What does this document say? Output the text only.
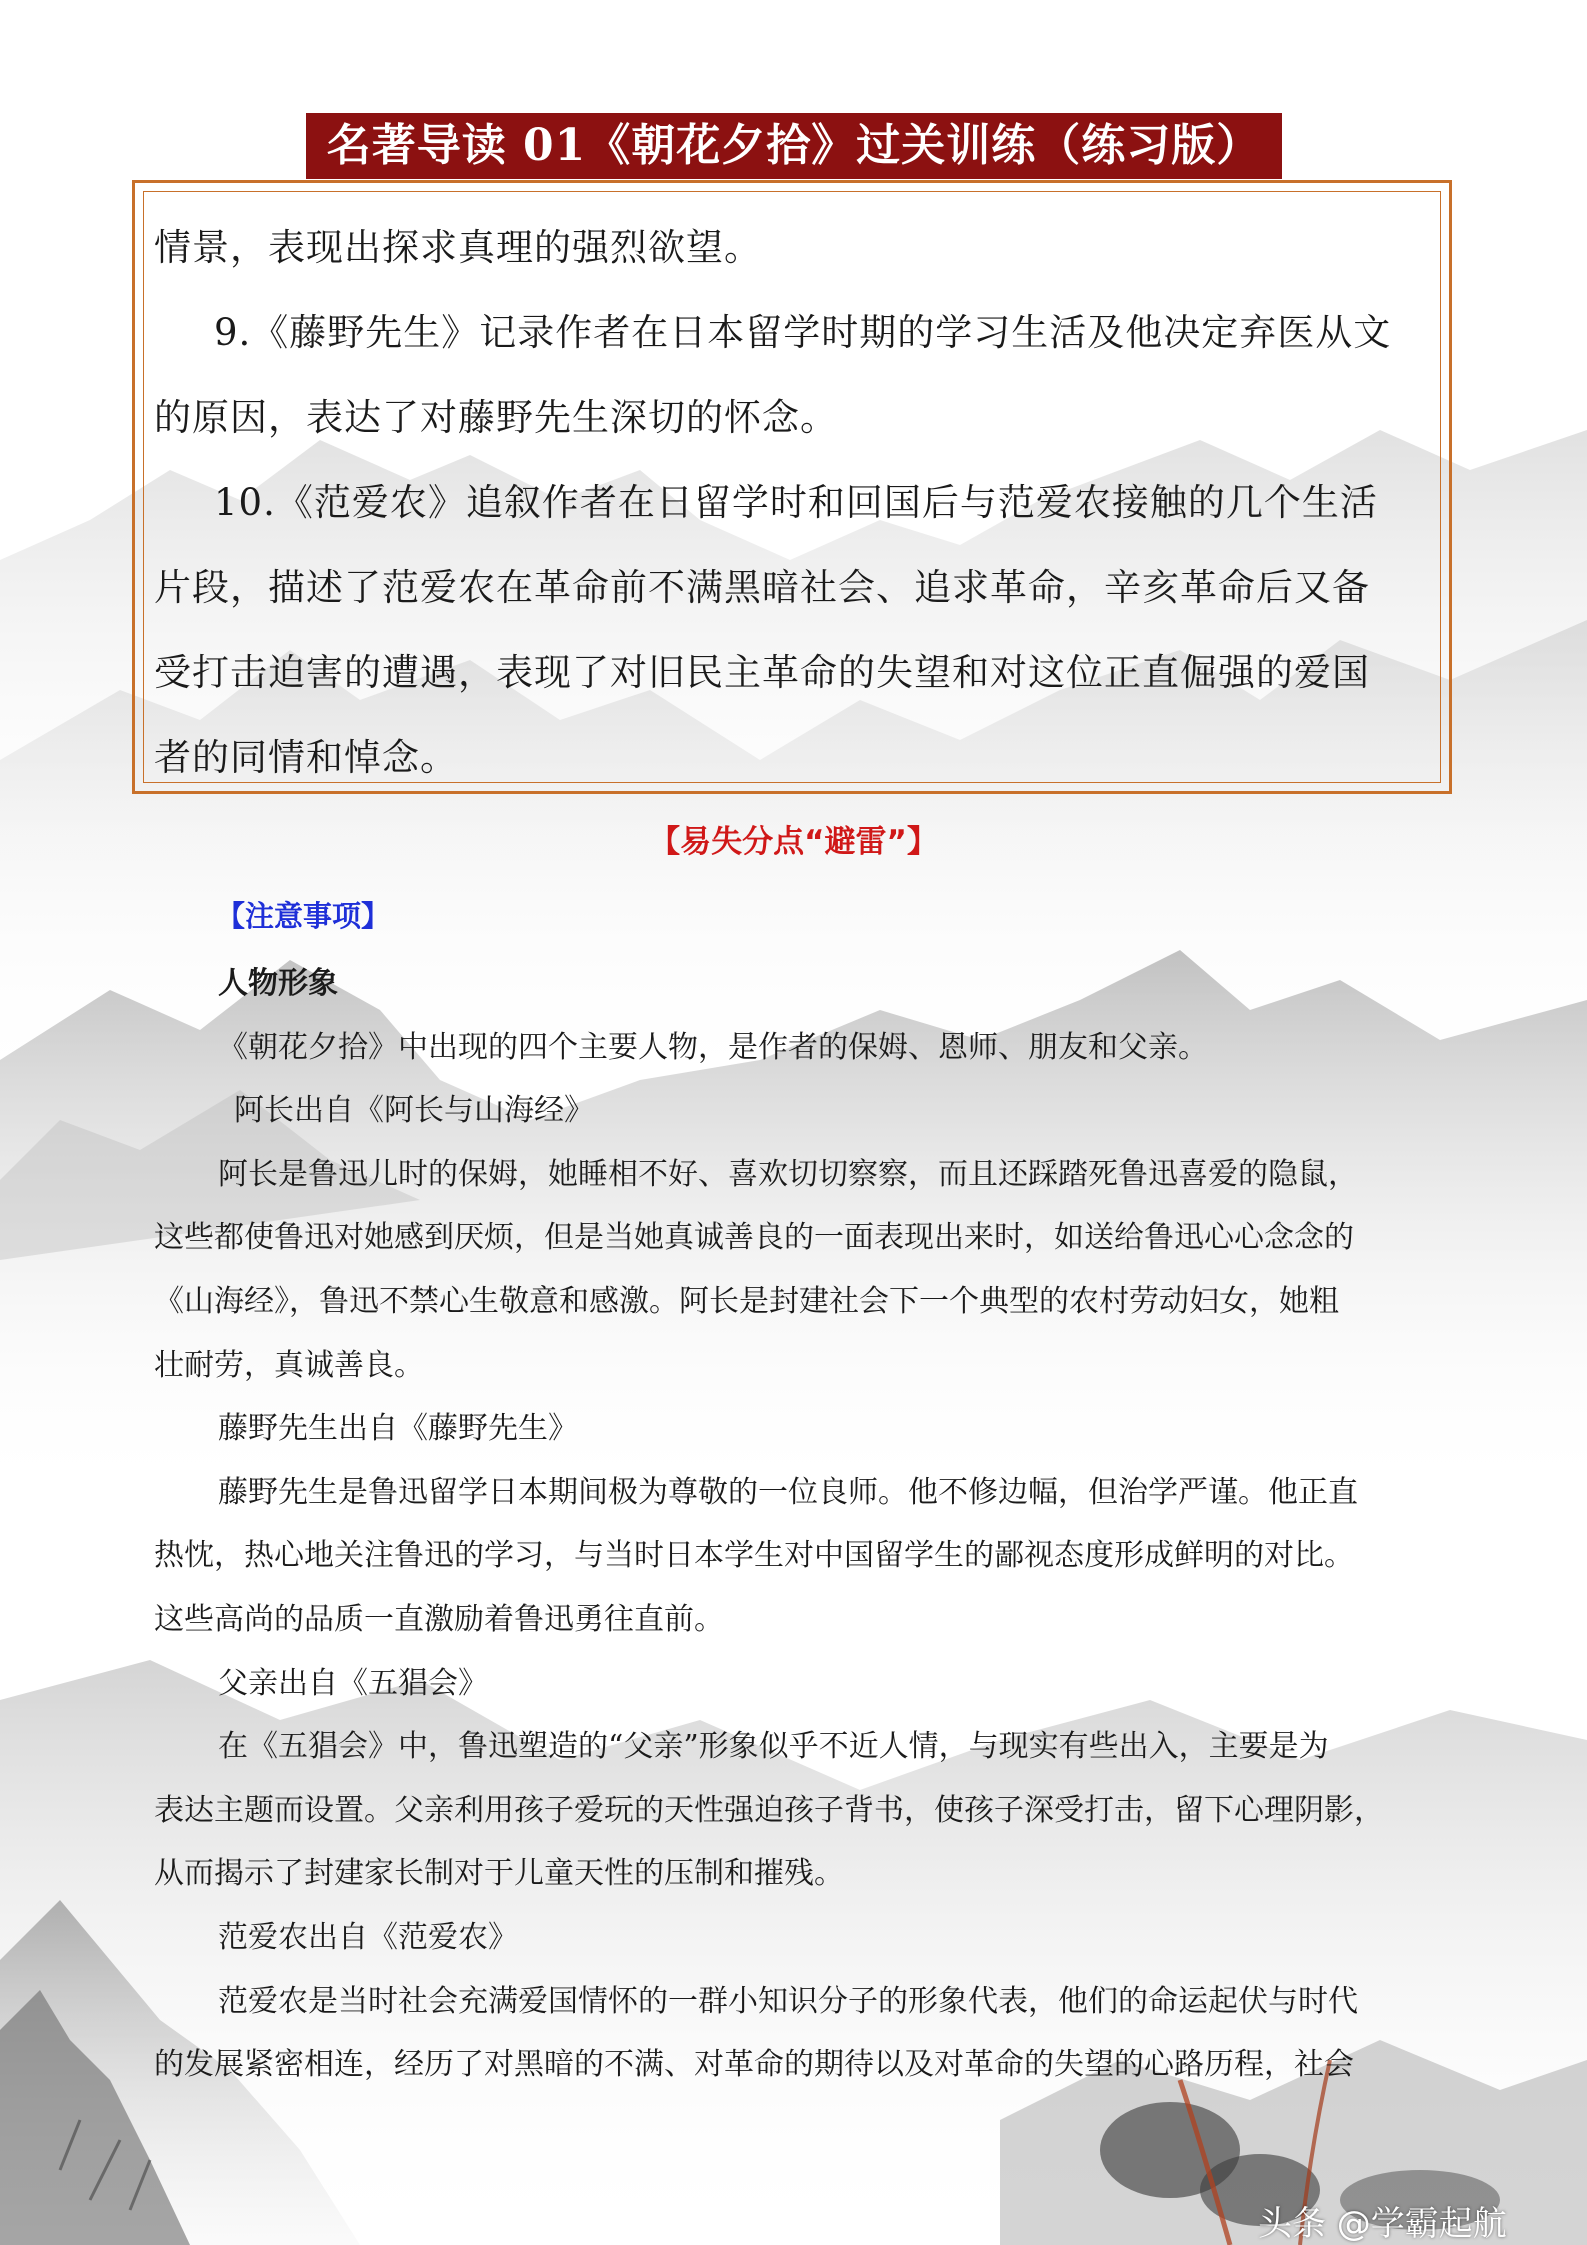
名著导读 01《朝花夕拾》过关训练（练习版）

情景，表现出探求真理的强烈欲望。

9.《藤野先生》记录作者在日本留学时期的学习生活及他决定弃医从文

的原因，表达了对藤野先生深切的怀念。

10.《范爱农》追叙作者在日留学时和回国后与范爱农接触的几个生活

片段，描述了范爱农在革命前不满黑暗社会、追求革命，辛亥革命后又备

受打击迫害的遭遇，表现了对旧民主革命的失望和对这位正直倔强的爱国

者的同情和悼念。

【易失分点“避雷”】
【注意事项】

人物形象

《朝花夕拾》中出现的四个主要人物，是作者的保姆、恩师、朋友和父亲。

阿长出自《阿长与山海经》

阿长是鲁迅儿时的保姆，她睡相不好、喜欢切切察察，而且还踩踏死鲁迅喜爱的隐鼠，

这些都使鲁迅对她感到厌烦，但是当她真诚善良的一面表现出来时，如送给鲁迅心心念念的

《山海经》，鲁迅不禁心生敬意和感激。阿长是封建社会下一个典型的农村劳动妇女，她粗

壮耐劳，真诚善良。

藤野先生出自《藤野先生》

藤野先生是鲁迅留学日本期间极为尊敬的一位良师。他不修边幅，但治学严谨。他正直

热忱，热心地关注鲁迅的学习，与当时日本学生对中国留学生的鄙视态度形成鲜明的对比。

这些高尚的品质一直激励着鲁迅勇往直前。

父亲出自《五猖会》

在《五猖会》中，鲁迅塑造的“父亲”形象似乎不近人情，与现实有些出入，主要是为

表达主题而设置。父亲利用孩子爱玩的天性强迫孩子背书，使孩子深受打击，留下心理阴影，

从而揭示了封建家长制对于儿童天性的压制和摧残。

范爱农出自《范爱农》

范爱农是当时社会充满爱国情怀的一群小知识分子的形象代表，他们的命运起伏与时代

的发展紧密相连，经历了对黑暗的不满、对革命的期待以及对革命的失望的心路历程，社会

头条 @学霸起航
